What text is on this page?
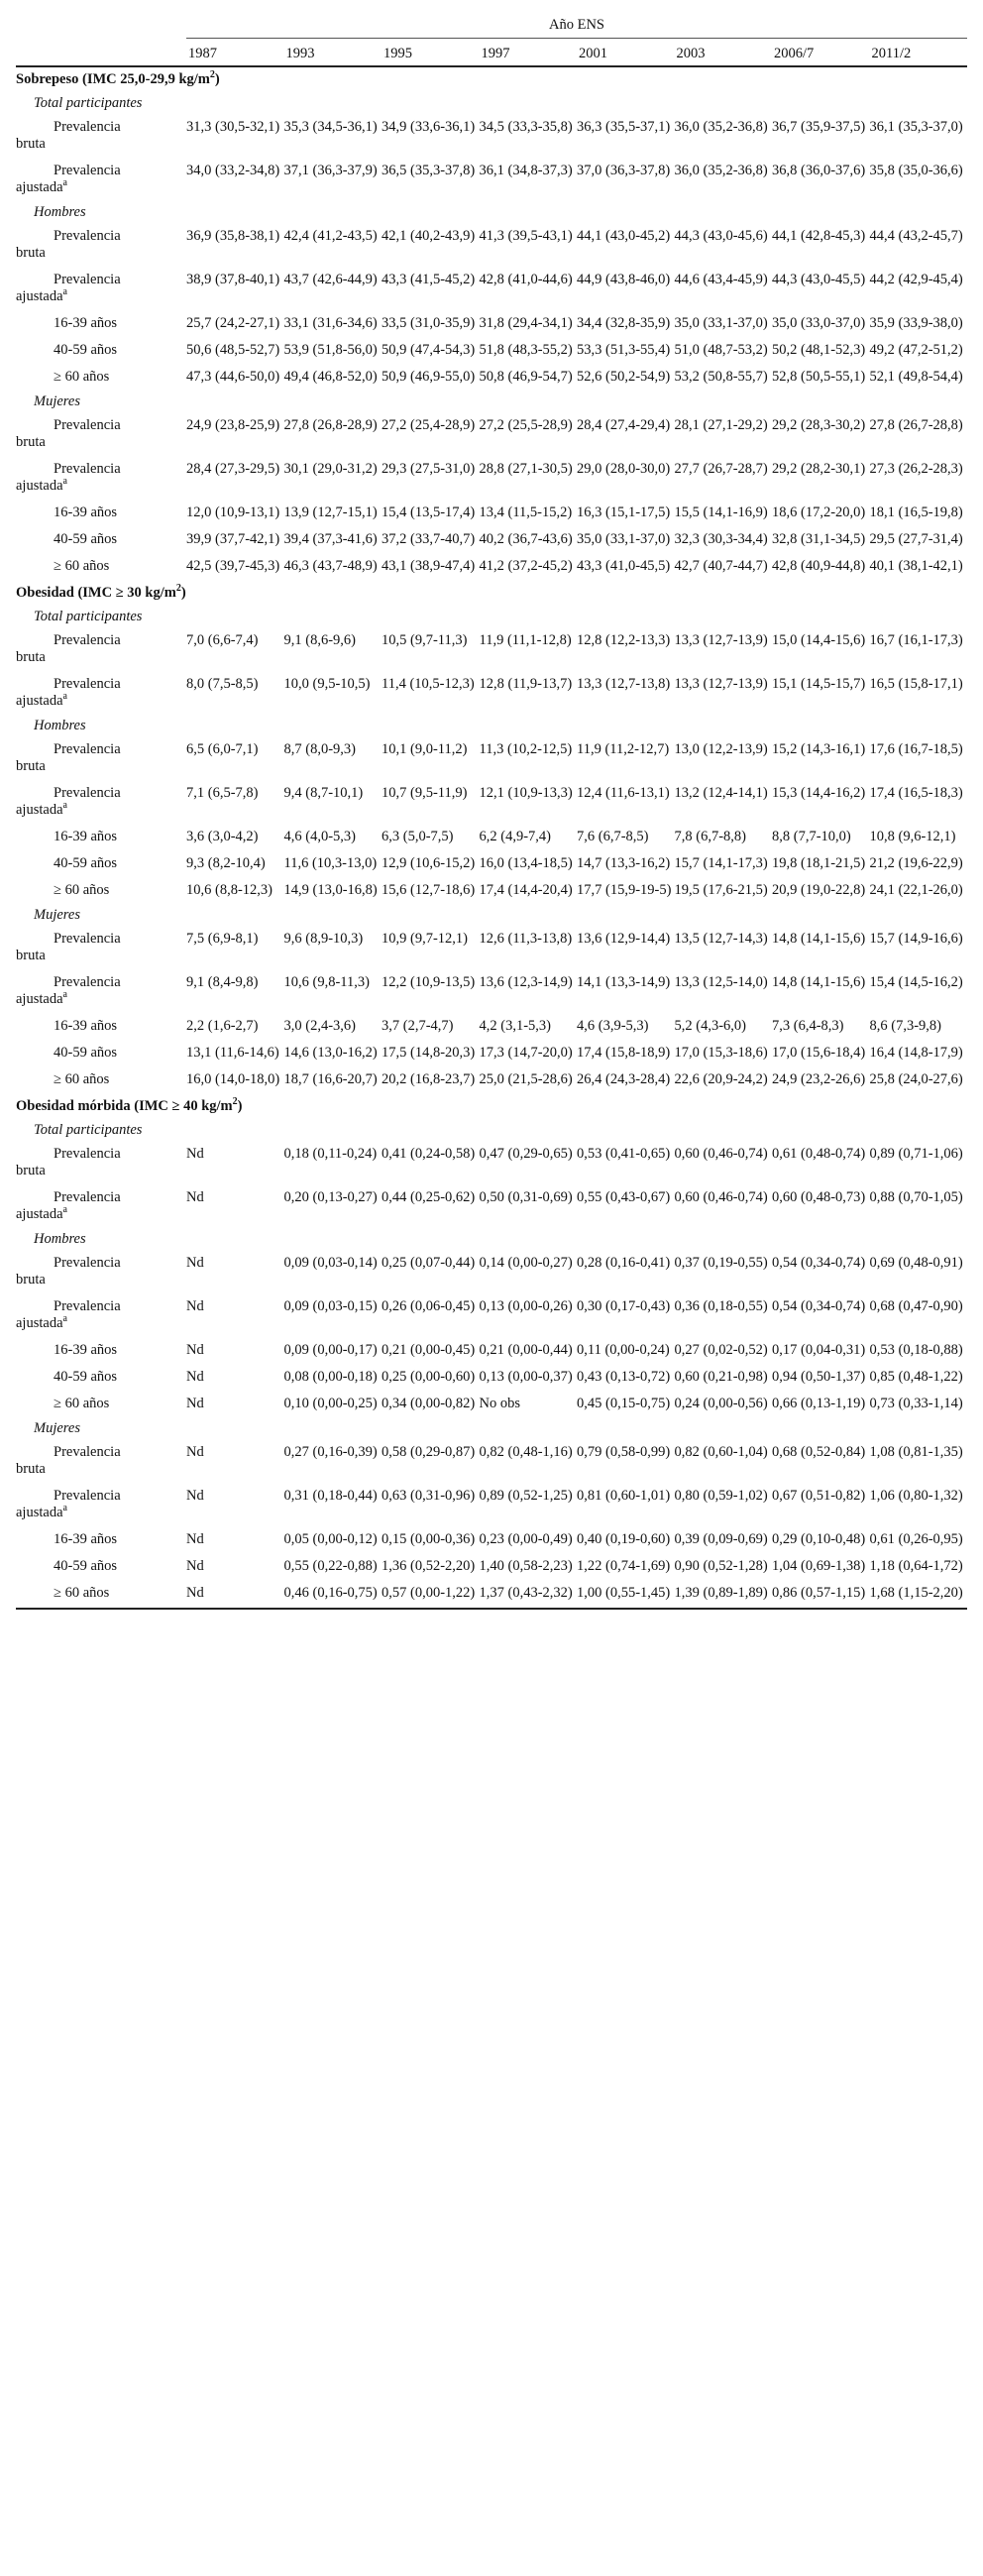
	Año ENS							
	1987	1993	1995	1997	2001	2003	2006/7	2011/2
Sobrepeso (IMC 25,0-29,9 $kg/m^2$)								
Total participantes								

Prevalencia
bruta	31,3 (30,5-32,1)	35,3 (34,5-36,1)	34,9 (33,6-36,1)	34,5 (33,3-35,8)	36,3 (35,5-37,1)	36,0 (35,2-36,8)	36,7 (35,9-37,5)	36,1 (35,3-37,0)

Prevalencia
ajustada$^a$	34,0 (33,2-34,8)	37,1 (36,3-37,9)	36,5 (35,3-37,8)	36,1 (34,8-37,3)	37,0 (36,3-37,8)	36,0 (35,2-36,8)	36,8 (36,0-37,6)	35,8 (35,0-36,6)
Hombres								

Prevalencia
bruta	36,9 (35,8-38,1)	42,4 (41,2-43,5)	42,1 (40,2-43,9)	41,3 (39,5-43,1)	44,1 (43,0-45,2)	44,3 (43,0-45,6)	44,1 (42,8-45,3)	44,4 (43,2-45,7)

Prevalencia
ajustada$^a$	38,9 (37,8-40,1)	43,7 (42,6-44,9)	43,3 (41,5-45,2)	42,8 (41,0-44,6)	44,9 (43,8-46,0)	44,6 (43,4-45,9)	44,3 (43,0-45,5)	44,2 (42,9-45,4)

16-39 años	25,7 (24,2-27,1)	33,1 (31,6-34,6)	33,5 (31,0-35,9)	31,8 (29,4-34,1)	34,4 (32,8-35,9)	35,0 (33,1-37,0)	35,0 (33,0-37,0)	35,9 (33,9-38,0)

40-59 años	50,6 (48,5-52,7)	53,9 (51,8-56,0)	50,9 (47,4-54,3)	51,8 (48,3-55,2)	53,3 (51,3-55,4)	51,0 (48,7-53,2)	50,2 (48,1-52,3)	49,2 (47,2-51,2)

≥ 60 años	47,3 (44,6-50,0)	49,4 (46,8-52,0)	50,9 (46,9-55,0)	50,8 (46,9-54,7)	52,6 (50,2-54,9)	53,2 (50,8-55,7)	52,8 (50,5-55,1)	52,1 (49,8-54,4)
Mujeres								

Prevalencia
bruta	24,9 (23,8-25,9)	27,8 (26,8-28,9)	27,2 (25,4-28,9)	27,2 (25,5-28,9)	28,4 (27,4-29,4)	28,1 (27,1-29,2)	29,2 (28,3-30,2)	27,8 (26,7-28,8)

Prevalencia
ajustada$^a$	28,4 (27,3-29,5)	30,1 (29,0-31,2)	29,3 (27,5-31,0)	28,8 (27,1-30,5)	29,0 (28,0-30,0)	27,7 (26,7-28,7)	29,2 (28,2-30,1)	27,3 (26,2-28,3)

16-39 años	12,0 (10,9-13,1)	13,9 (12,7-15,1)	15,4 (13,5-17,4)	13,4 (11,5-15,2)	16,3 (15,1-17,5)	15,5 (14,1-16,9)	18,6 (17,2-20,0)	18,1 (16,5-19,8)

40-59 años	39,9 (37,7-42,1)	39,4 (37,3-41,6)	37,2 (33,7-40,7)	40,2 (36,7-43,6)	35,0 (33,1-37,0)	32,3 (30,3-34,4)	32,8 (31,1-34,5)	29,5 (27,7-31,4)

≥ 60 años	42,5 (39,7-45,3)	46,3 (43,7-48,9)	43,1 (38,9-47,4)	41,2 (37,2-45,2)	43,3 (41,0-45,5)	42,7 (40,7-44,7)	42,8 (40,9-44,8)	40,1 (38,1-42,1)
Obesidad (IMC ≥ 30 $kg/m^2$)								
Total participantes								

Prevalencia
bruta	7,0 (6,6-7,4)	9,1 (8,6-9,6)	10,5 (9,7-11,3)	11,9 (11,1-12,8)	12,8 (12,2-13,3)	13,3 (12,7-13,9)	15,0 (14,4-15,6)	16,7 (16,1-17,3)

Prevalencia
ajustada$^a$	8,0 (7,5-8,5)	10,0 (9,5-10,5)	11,4 (10,5-12,3)	12,8 (11,9-13,7)	13,3 (12,7-13,8)	13,3 (12,7-13,9)	15,1 (14,5-15,7)	16,5 (15,8-17,1)
Hombres								

Prevalencia
bruta	6,5 (6,0-7,1)	8,7 (8,0-9,3)	10,1 (9,0-11,2)	11,3 (10,2-12,5)	11,9 (11,2-12,7)	13,0 (12,2-13,9)	15,2 (14,3-16,1)	17,6 (16,7-18,5)

Prevalencia
ajustada$^a$	7,1 (6,5-7,8)	9,4 (8,7-10,1)	10,7 (9,5-11,9)	12,1 (10,9-13,3)	12,4 (11,6-13,1)	13,2 (12,4-14,1)	15,3 (14,4-16,2)	17,4 (16,5-18,3)

16-39 años	3,6 (3,0-4,2)	4,6 (4,0-5,3)	6,3 (5,0-7,5)	6,2 (4,9-7,4)	7,6 (6,7-8,5)	7,8 (6,7-8,8)	8,8 (7,7-10,0)	10,8 (9,6-12,1)

40-59 años	9,3 (8,2-10,4)	11,6 (10,3-13,0)	12,9 (10,6-15,2)	16,0 (13,4-18,5)	14,7 (13,3-16,2)	15,7 (14,1-17,3)	19,8 (18,1-21,5)	21,2 (19,6-22,9)

≥ 60 años	10,6 (8,8-12,3)	14,9 (13,0-16,8)	15,6 (12,7-18,6)	17,4 (14,4-20,4)	17,7 (15,9-19-5)	19,5 (17,6-21,5)	20,9 (19,0-22,8)	24,1 (22,1-26,0)
Mujeres								

Prevalencia
bruta	7,5 (6,9-8,1)	9,6 (8,9-10,3)	10,9 (9,7-12,1)	12,6 (11,3-13,8)	13,6 (12,9-14,4)	13,5 (12,7-14,3)	14,8 (14,1-15,6)	15,7 (14,9-16,6)

Prevalencia
ajustada$^a$	9,1 (8,4-9,8)	10,6 (9,8-11,3)	12,2 (10,9-13,5)	13,6 (12,3-14,9)	14,1 (13,3-14,9)	13,3 (12,5-14,0)	14,8 (14,1-15,6)	15,4 (14,5-16,2)

16-39 años	2,2 (1,6-2,7)	3,0 (2,4-3,6)	3,7 (2,7-4,7)	4,2 (3,1-5,3)	4,6 (3,9-5,3)	5,2 (4,3-6,0)	7,3 (6,4-8,3)	8,6 (7,3-9,8)

40-59 años	13,1 (11,6-14,6)	14,6 (13,0-16,2)	17,5 (14,8-20,3)	17,3 (14,7-20,0)	17,4 (15,8-18,9)	17,0 (15,3-18,6)	17,0 (15,6-18,4)	16,4 (14,8-17,9)

≥ 60 años	16,0 (14,0-18,0)	18,7 (16,6-20,7)	20,2 (16,8-23,7)	25,0 (21,5-28,6)	26,4 (24,3-28,4)	22,6 (20,9-24,2)	24,9 (23,2-26,6)	25,8 (24,0-27,6)
Obesidad mórbida (IMC ≥ 40 $kg/m^2$)								
Total participantes								

Prevalencia
bruta	Nd	0,18 (0,11-0,24)	0,41 (0,24-0,58)	0,47 (0,29-0,65)	0,53 (0,41-0,65)	0,60 (0,46-0,74)	0,61 (0,48-0,74)	0,89 (0,71-1,06)

Prevalencia
ajustada$^a$	Nd	0,20 (0,13-0,27)	0,44 (0,25-0,62)	0,50 (0,31-0,69)	0,55 (0,43-0,67)	0,60 (0,46-0,74)	0,60 (0,48-0,73)	0,88 (0,70-1,05)
Hombres								

Prevalencia
bruta	Nd	0,09 (0,03-0,14)	0,25 (0,07-0,44)	0,14 (0,00-0,27)	0,28 (0,16-0,41)	0,37 (0,19-0,55)	0,54 (0,34-0,74)	0,69 (0,48-0,91)

Prevalencia
ajustada$^a$	Nd	0,09 (0,03-0,15)	0,26 (0,06-0,45)	0,13 (0,00-0,26)	0,30 (0,17-0,43)	0,36 (0,18-0,55)	0,54 (0,34-0,74)	0,68 (0,47-0,90)

16-39 años	Nd	0,09 (0,00-0,17)	0,21 (0,00-0,45)	0,21 (0,00-0,44)	0,11 (0,00-0,24)	0,27 (0,02-0,52)	0,17 (0,04-0,31)	0,53 (0,18-0,88)

40-59 años	Nd	0,08 (0,00-0,18)	0,25 (0,00-0,60)	0,13 (0,00-0,37)	0,43 (0,13-0,72)	0,60 (0,21-0,98)	0,94 (0,50-1,37)	0,85 (0,48-1,22)

≥ 60 años	Nd	0,10 (0,00-0,25)	0,34 (0,00-0,82)	No obs	0,45 (0,15-0,75)	0,24 (0,00-0,56)	0,66 (0,13-1,19)	0,73 (0,33-1,14)
Mujeres								

Prevalencia
bruta	Nd	0,27 (0,16-0,39)	0,58 (0,29-0,87)	0,82 (0,48-1,16)	0,79 (0,58-0,99)	0,82 (0,60-1,04)	0,68 (0,52-0,84)	1,08 (0,81-1,35)

Prevalencia
ajustada$^a$	Nd	0,31 (0,18-0,44)	0,63 (0,31-0,96)	0,89 (0,52-1,25)	0,81 (0,60-1,01)	0,80 (0,59-1,02)	0,67 (0,51-0,82)	1,06 (0,80-1,32)

16-39 años	Nd	0,05 (0,00-0,12)	0,15 (0,00-0,36)	0,23 (0,00-0,49)	0,40 (0,19-0,60)	0,39 (0,09-0,69)	0,29 (0,10-0,48)	0,61 (0,26-0,95)

40-59 años	Nd	0,55 (0,22-0,88)	1,36 (0,52-2,20)	1,40 (0,58-2,23)	1,22 (0,74-1,69)	0,90 (0,52-1,28)	1,04 (0,69-1,38)	1,18 (0,64-1,72)

≥ 60 años	Nd	0,46 (0,16-0,75)	0,57 (0,00-1,22)	1,37 (0,43-2,32)	1,00 (0,55-1,45)	1,39 (0,89-1,89)	0,86 (0,57-1,15)	1,68 (1,15-2,20)
